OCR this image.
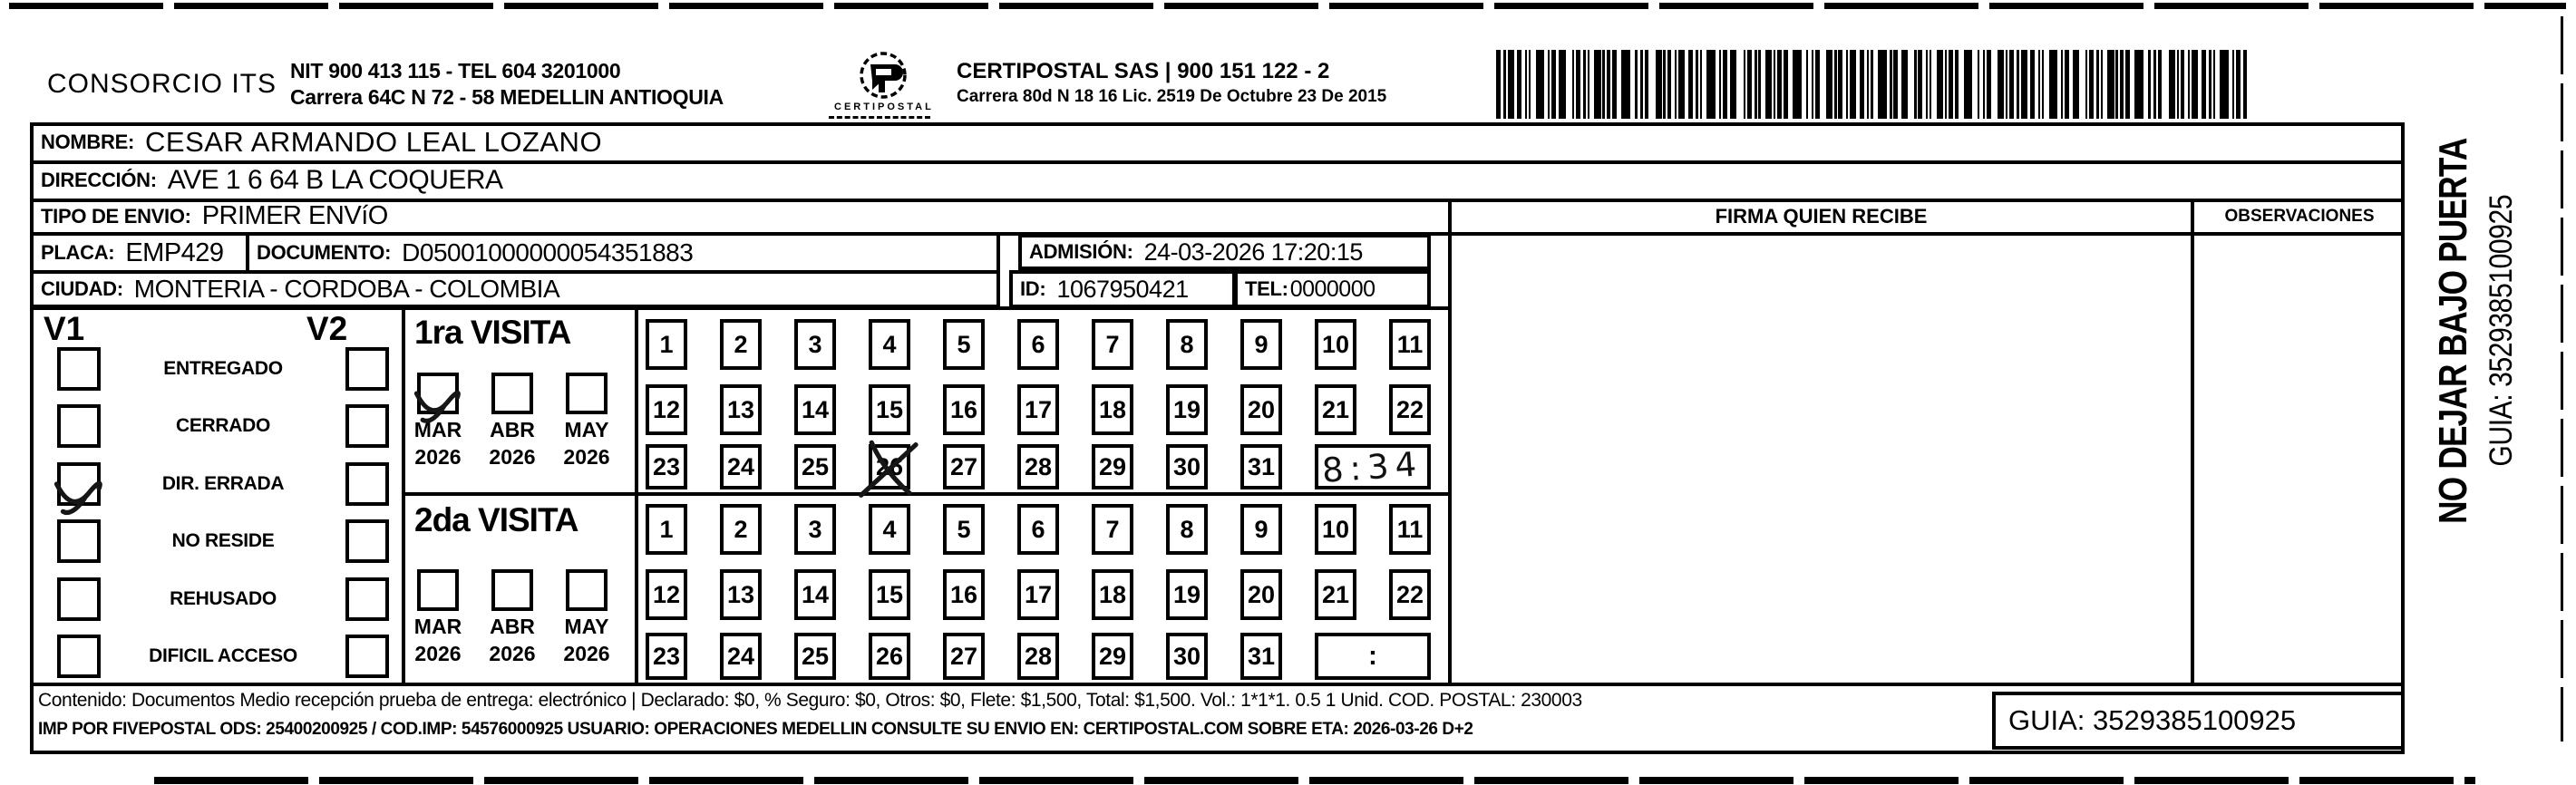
CONSORCIO ITS NIT 900 413 115 - TEL 604 3201000
Carrera 64C N 72 - 58 MEDELLIN ANTIOQUIA	CERTIPOSTAL
CERTIPOSTAL SAS | 900 151 122 - 2
Carrera 80d N 18 16 Lic. 2519 De Octubre 23 De 2015
NOMBRE: CESAR ARMANDO LEAL LOZANO
DIRECCIÓN: AVE 1 6 64 B LA COQUERA
TIPO DE ENVIO: PRIMER ENVíO	FIRMA QUIEN RECIBE	OBSERVACIONES
PLACA: EMP429 DOCUMENTO: D05001000000054351883	ADMISIÓN: 24-03-2026 17:20:15
CIUDAD: MONTERIA - CORDOBA - COLOMBIA	ID: 1067950421	TEL: 0000000
V1	V2
ENTREGADO
CERRADO
DIR. ERRADA
NO RESIDE
REHUSADO
DIFICIL ACCESO
1ra VISITA
MAR
2026
ABR
2026
MAY
2026
1	2	3	4	5	6	7	8	9	10	11
12 13 14 15 16 17 18 19 20 21 22
23 24 25 26 27 28 29 30 31 8:34
2da VISITA
MAR
2026
ABR
2026
MAY
2026
1	2	3	4	5	6	7	8	9	10	11
12 13 14 15 16 17 18 19 20 21 22
23 24 25 26 27 28 29 30 31	:
NO DEJAR BAJO PUERTA GUIA: 3529385100925
Contenido: Documentos Medio recepción prueba de entrega: electrónico | Declarado: $0, % Seguro: $0, Otros: $0, Flete: $1,500, Total: $1,500. Vol.: 1*1*1. 0.5 1 Unid. COD. POSTAL: 230003
IMP POR FIVEPOSTAL ODS: 25400200925 / COD.IMP: 54576000925 USUARIO: OPERACIONES MEDELLIN CONSULTE SU ENVIO EN: CERTIPOSTAL.COM SOBRE ETA: 2026-03-26 D+2	GUIA: 3529385100925
